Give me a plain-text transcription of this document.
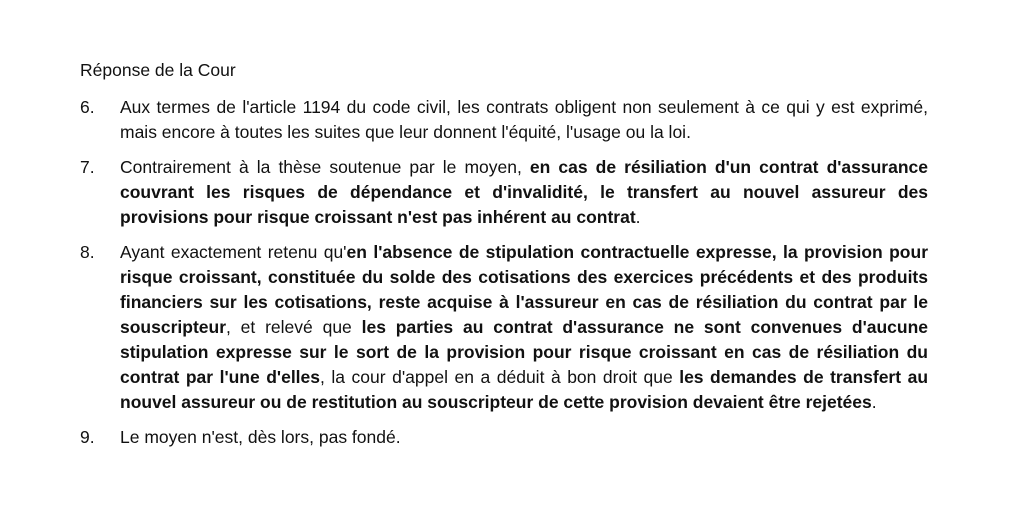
Réponse de la Cour
6.	Aux termes de l'article 1194 du code civil, les contrats obligent non seulement à ce qui y est exprimé, mais encore à toutes les suites que leur donnent l'équité, l'usage ou la loi.
7.	Contrairement à la thèse soutenue par le moyen, en cas de résiliation d'un contrat d'assurance couvrant les risques de dépendance et d'invalidité, le transfert au nouvel assureur des provisions pour risque croissant n'est pas inhérent au contrat.
8.	Ayant exactement retenu qu'en l'absence de stipulation contractuelle expresse, la provision pour risque croissant, constituée du solde des cotisations des exercices précédents et des produits financiers sur les cotisations, reste acquise à l'assureur en cas de résiliation du contrat par le souscripteur, et relevé que les parties au contrat d'assurance ne sont convenues d'aucune stipulation expresse sur le sort de la provision pour risque croissant en cas de résiliation du contrat par l'une d'elles, la cour d'appel en a déduit à bon droit que les demandes de transfert au nouvel assureur ou de restitution au souscripteur de cette provision devaient être rejetées.
9.	Le moyen n'est, dès lors, pas fondé.
